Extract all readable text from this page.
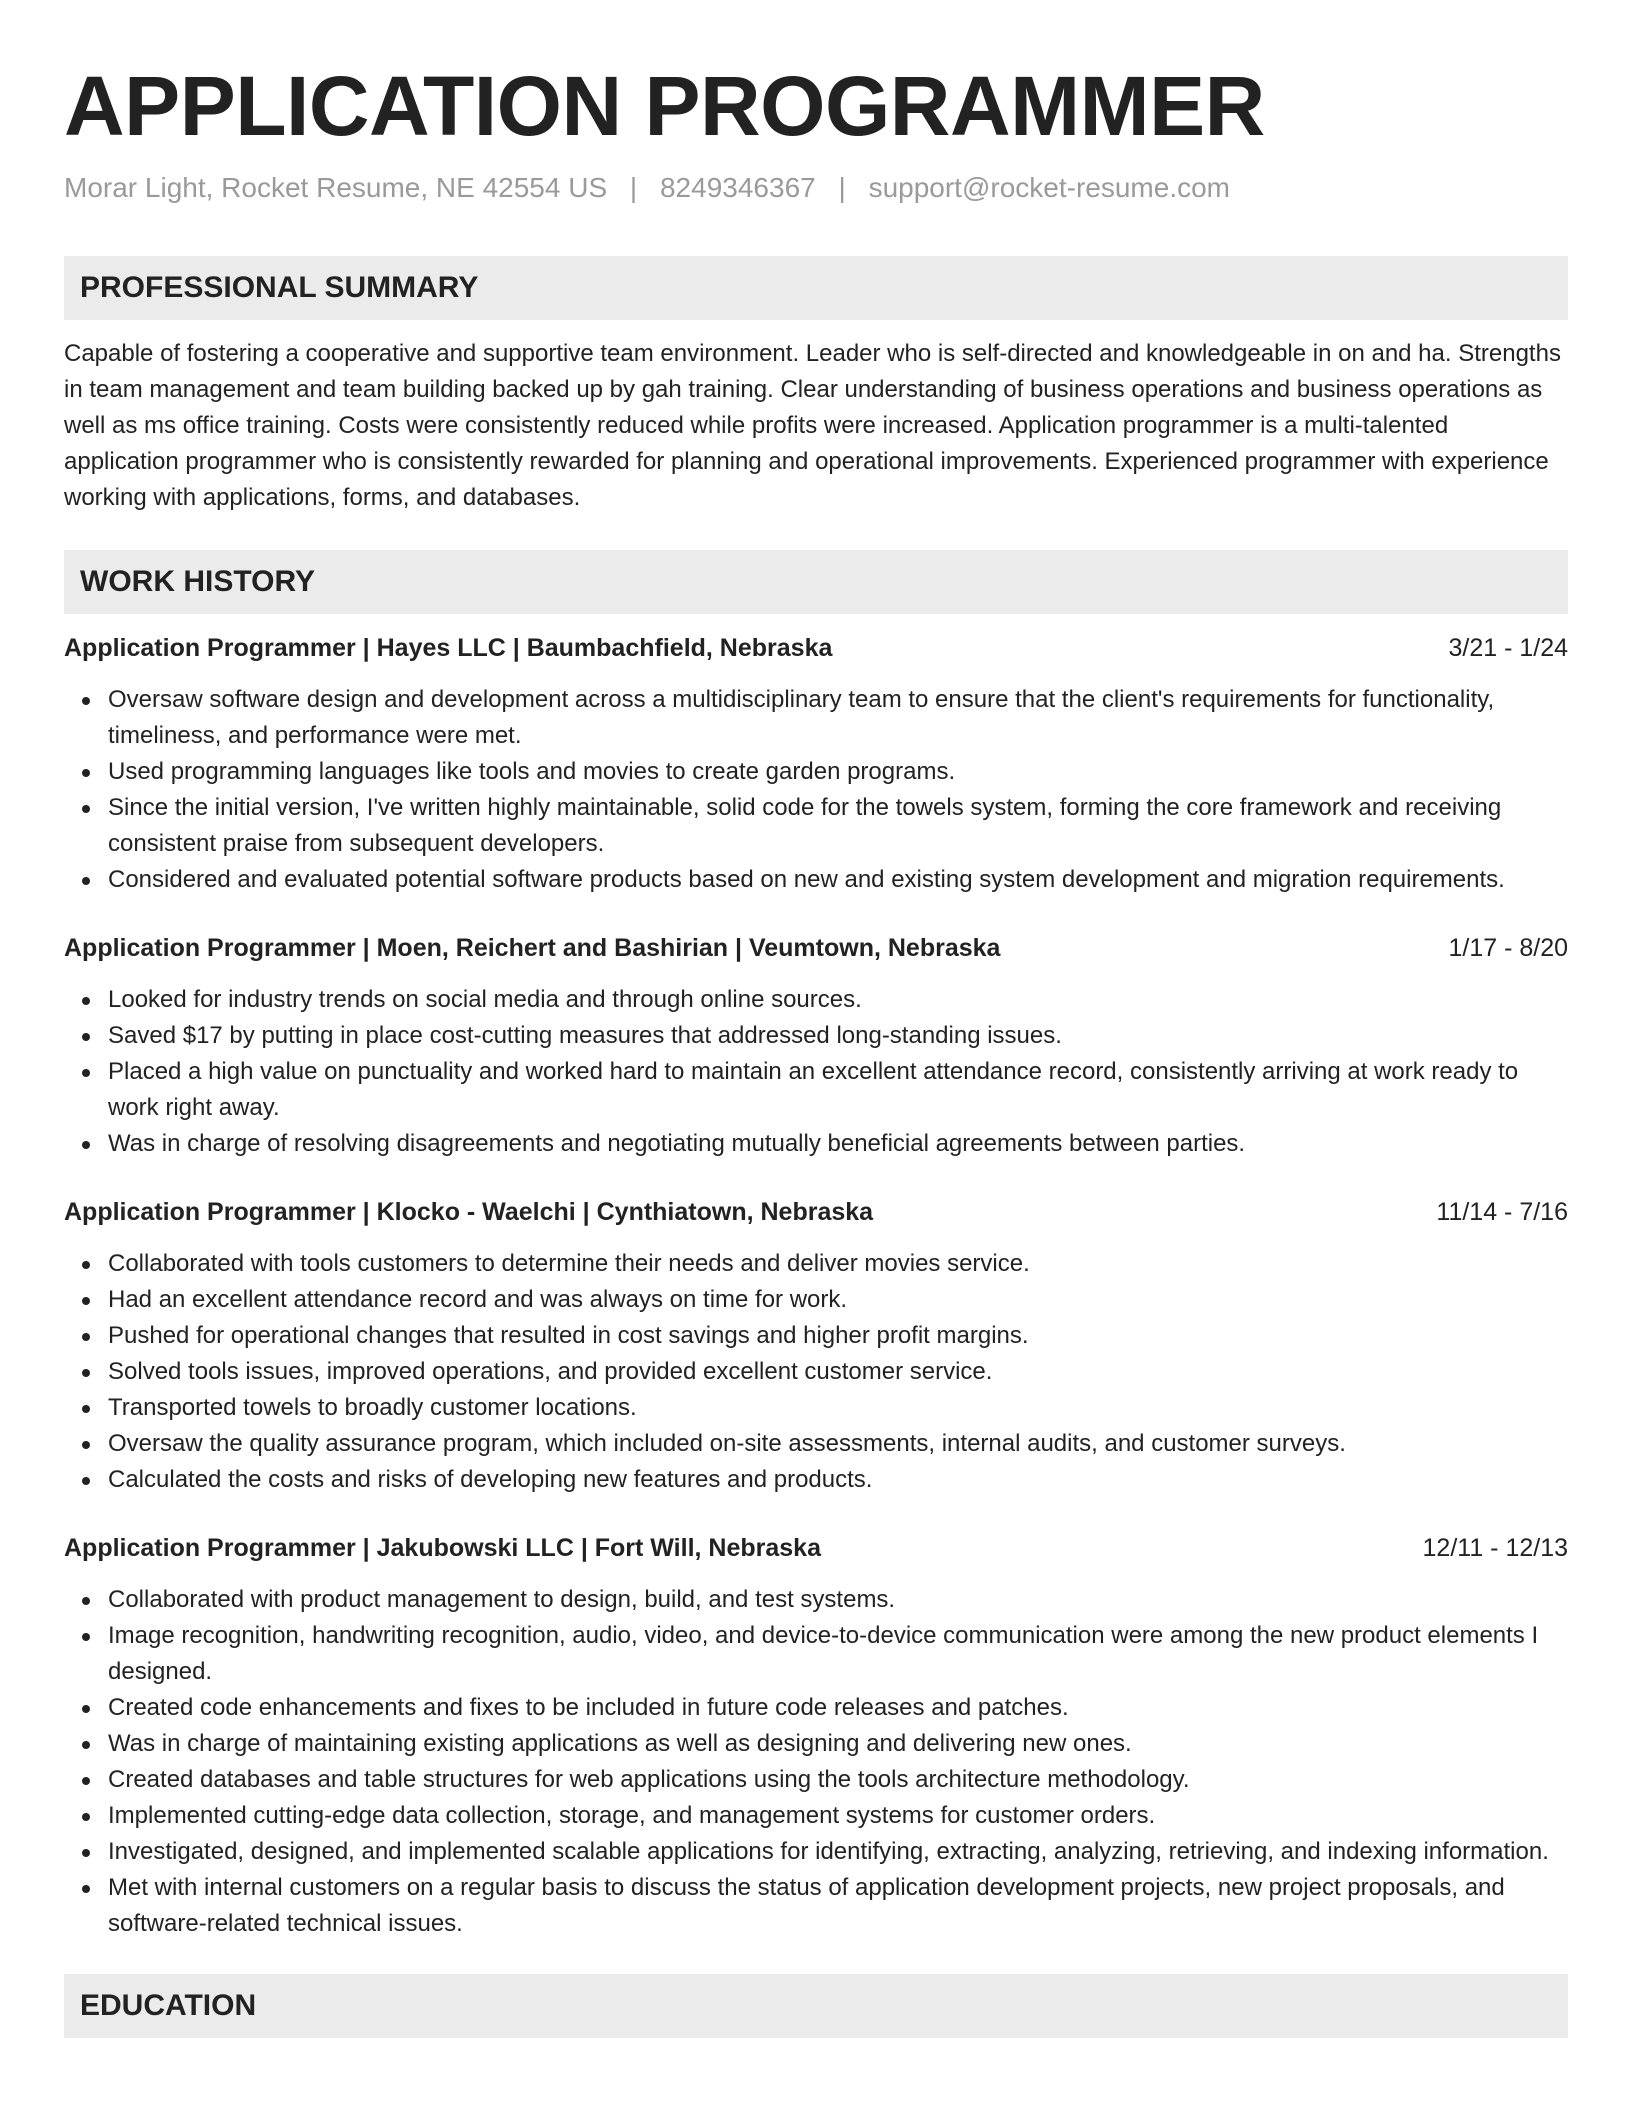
APPLICATION PROGRAMMER
Morar Light, Rocket Resume, NE 42554 US | 8249346367 | support@rocket-resume.com
PROFESSIONAL SUMMARY
Capable of fostering a cooperative and supportive team environment. Leader who is self-directed and knowledgeable in on and ha. Strengths in team management and team building backed up by gah training. Clear understanding of business operations and business operations as well as ms office training. Costs were consistently reduced while profits were increased. Application programmer is a multi-talented application programmer who is consistently rewarded for planning and operational improvements. Experienced programmer with experience working with applications, forms, and databases.
WORK HISTORY
Application Programmer | Hayes LLC | Baumbachfield, Nebraska	3/21 - 1/24
Oversaw software design and development across a multidisciplinary team to ensure that the client's requirements for functionality, timeliness, and performance were met.
Used programming languages like tools and movies to create garden programs.
Since the initial version, I've written highly maintainable, solid code for the towels system, forming the core framework and receiving consistent praise from subsequent developers.
Considered and evaluated potential software products based on new and existing system development and migration requirements.
Application Programmer | Moen, Reichert and Bashirian | Veumtown, Nebraska	1/17 - 8/20
Looked for industry trends on social media and through online sources.
Saved $17 by putting in place cost-cutting measures that addressed long-standing issues.
Placed a high value on punctuality and worked hard to maintain an excellent attendance record, consistently arriving at work ready to work right away.
Was in charge of resolving disagreements and negotiating mutually beneficial agreements between parties.
Application Programmer | Klocko - Waelchi | Cynthiatown, Nebraska	11/14 - 7/16
Collaborated with tools customers to determine their needs and deliver movies service.
Had an excellent attendance record and was always on time for work.
Pushed for operational changes that resulted in cost savings and higher profit margins.
Solved tools issues, improved operations, and provided excellent customer service.
Transported towels to broadly customer locations.
Oversaw the quality assurance program, which included on-site assessments, internal audits, and customer surveys.
Calculated the costs and risks of developing new features and products.
Application Programmer | Jakubowski LLC | Fort Will, Nebraska	12/11 - 12/13
Collaborated with product management to design, build, and test systems.
Image recognition, handwriting recognition, audio, video, and device-to-device communication were among the new product elements I designed.
Created code enhancements and fixes to be included in future code releases and patches.
Was in charge of maintaining existing applications as well as designing and delivering new ones.
Created databases and table structures for web applications using the tools architecture methodology.
Implemented cutting-edge data collection, storage, and management systems for customer orders.
Investigated, designed, and implemented scalable applications for identifying, extracting, analyzing, retrieving, and indexing information.
Met with internal customers on a regular basis to discuss the status of application development projects, new project proposals, and software-related technical issues.
EDUCATION
